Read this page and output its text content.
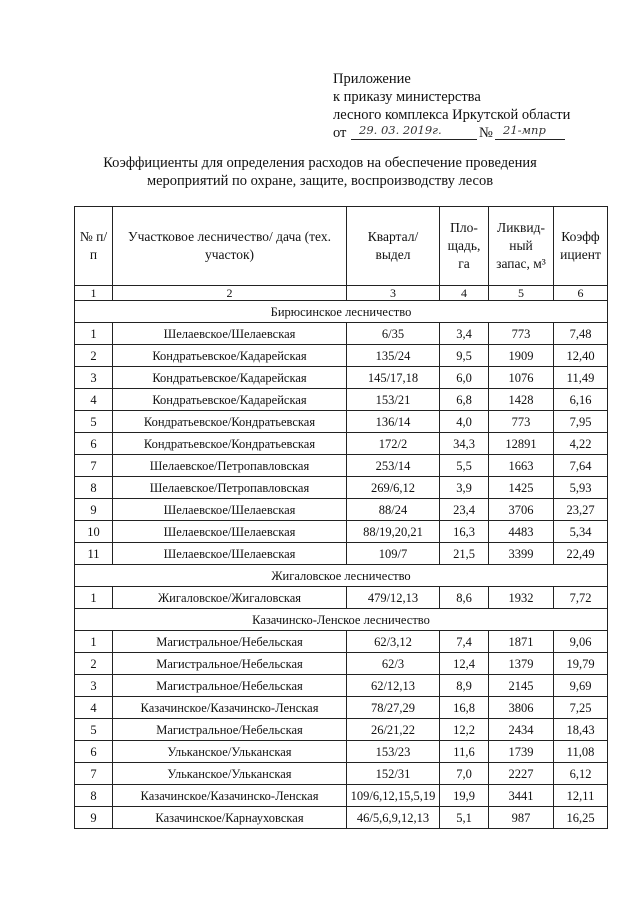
Приложение
к приказу министерства
лесного комплекса Иркутской области
от 29. 03. 2019г.	№ 21-мпр
Коэффициенты для определения расходов на обеспечение проведения
мероприятий по охране, защите, воспроизводству лесов
№ п/п	Участковое лесничество/ дача (тех. участок)	Квартал/ выдел	Пло- щадь, га	Ликвид- ный запас, м³	Коэфф ициент
1	2	3	4	5	6
Бирюсинское лесничество					
1	Шелаевское/Шелаевская	6/35	3,4	773	7,48
2	Кондратьевское/Кадарейская	135/24	9,5	1909	12,40
3	Кондратьевское/Кадарейская	145/17,18	6,0	1076	11,49
4	Кондратьевское/Кадарейская	153/21	6,8	1428	6,16
5	Кондратьевское/Кондратьевская	136/14	4,0	773	7,95
6	Кондратьевское/Кондратьевская	172/2	34,3	12891	4,22
7	Шелаевское/Петропавловская	253/14	5,5	1663	7,64
8	Шелаевское/Петропавловская	269/6,12	3,9	1425	5,93
9	Шелаевское/Шелаевская	88/24	23,4	3706	23,27
10	Шелаевское/Шелаевская	88/19,20,21	16,3	4483	5,34
11	Шелаевское/Шелаевская	109/7	21,5	3399	22,49
Жигаловское лесничество					
1	Жигаловское/Жигаловская	479/12,13	8,6	1932	7,72
Казачинско-Ленское лесничество					
1	Магистральное/Небельская	62/3,12	7,4	1871	9,06
2	Магистральное/Небельская	62/3	12,4	1379	19,79
3	Магистральное/Небельская	62/12,13	8,9	2145	9,69
4	Казачинское/Казачинско-Ленская	78/27,29	16,8	3806	7,25
5	Магистральное/Небельская	26/21,22	12,2	2434	18,43
6	Ульканское/Ульканская	153/23	11,6	1739	11,08
7	Ульканское/Ульканская	152/31	7,0	2227	6,12
8	Казачинское/Казачинско-Ленская	109/6,12,15,5,19	19,9	3441	12,11
9	Казачинское/Карнауховская	46/5,6,9,12,13	5,1	987	16,25
